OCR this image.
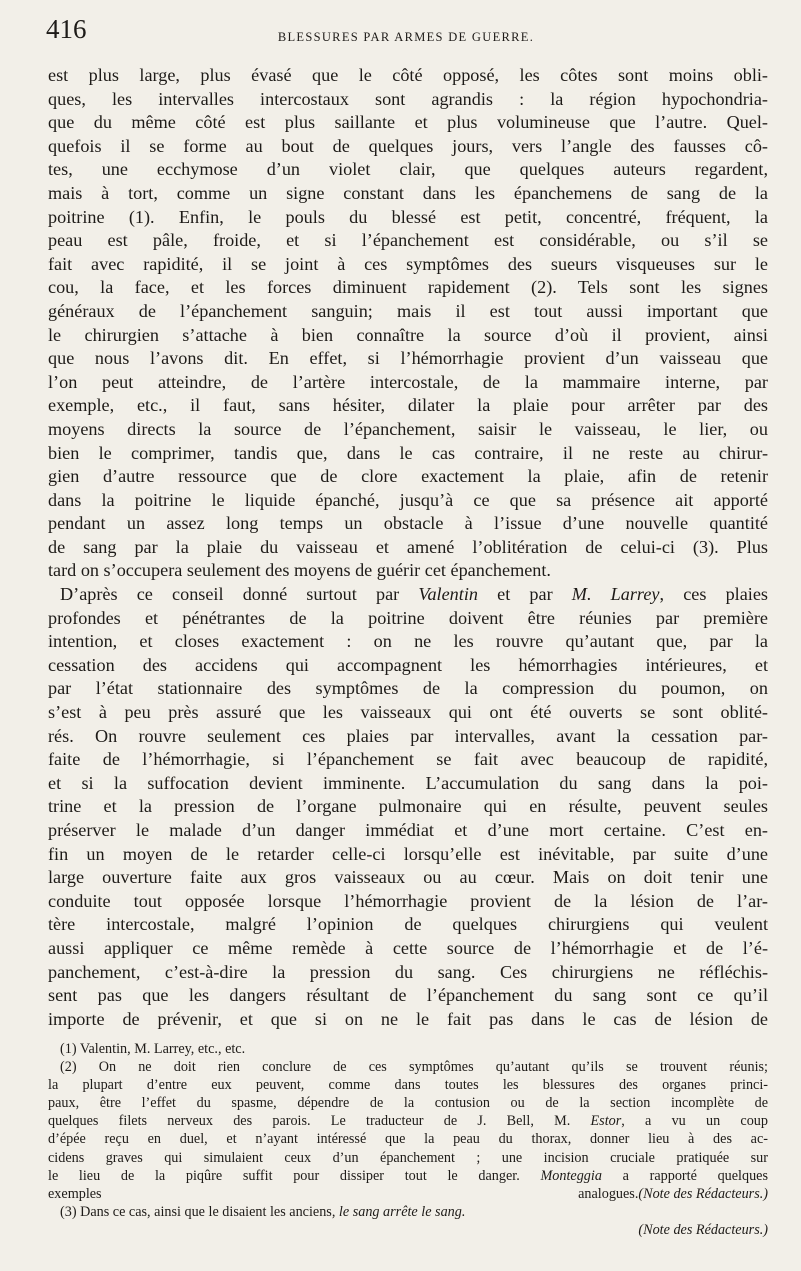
416	BLESSURES PAR ARMES DE GUERRE.

est plus large, plus évasé que le côté opposé, les côtes sont moins obli-
ques, les intervalles intercostaux sont agrandis : la région hypochondria-
que du même côté est plus saillante et plus volumineuse que l’autre. Quel-
quefois il se forme au bout de quelques jours, vers l’angle des fausses cô-
tes, une ecchymose d’un violet clair, que quelques auteurs regardent,
mais à tort, comme un signe constant dans les épanchemens de sang de la
poitrine (1). Enfin, le pouls du blessé est petit, concentré, fréquent, la
peau est pâle, froide, et si l’épanchement est considérable, ou s’il se
fait avec rapidité, il se joint à ces symptômes des sueurs visqueuses sur le
cou, la face, et les forces diminuent rapidement (2). Tels sont les signes
généraux de l’épanchement sanguin; mais il est tout aussi important que
le chirurgien s’attache à bien connaître la source d’où il provient, ainsi
que nous l’avons dit. En effet, si l’hémorrhagie provient d’un vaisseau que
l’on peut atteindre, de l’artère intercostale, de la mammaire interne, par
exemple, etc., il faut, sans hésiter, dilater la plaie pour arrêter par des
moyens directs la source de l’épanchement, saisir le vaisseau, le lier, ou
bien le comprimer, tandis que, dans le cas contraire, il ne reste au chirur-
gien d’autre ressource que de clore exactement la plaie, afin de retenir
dans la poitrine le liquide épanché, jusqu’à ce que sa présence ait apporté
pendant un assez long temps un obstacle à l’issue d’une nouvelle quantité
de sang par la plaie du vaisseau et amené l’oblitération de celui-ci (3). Plus
tard on s’occupera seulement des moyens de guérir cet épanchement.

D’après ce conseil donné surtout par Valentin et par M. Larrey, ces plaies
profondes et pénétrantes de la poitrine doivent être réunies par première
intention, et closes exactement : on ne les rouvre qu’autant que, par la
cessation des accidens qui accompagnent les hémorrhagies intérieures, et
par l’état stationnaire des symptômes de la compression du poumon, on
s’est à peu près assuré que les vaisseaux qui ont été ouverts se sont oblité-
rés. On rouvre seulement ces plaies par intervalles, avant la cessation par-
faite de l’hémorrhagie, si l’épanchement se fait avec beaucoup de rapidité,
et si la suffocation devient imminente. L’accumulation du sang dans la poi-
trine et la pression de l’organe pulmonaire qui en résulte, peuvent seules
préserver le malade d’un danger immédiat et d’une mort certaine. C’est en-
fin un moyen de le retarder celle-ci lorsqu’elle est inévitable, par suite d’une
large ouverture faite aux gros vaisseaux ou au cœur. Mais on doit tenir une
conduite tout opposée lorsque l’hémorrhagie provient de la lésion de l’ar-
tère intercostale, malgré l’opinion de quelques chirurgiens qui veulent
aussi appliquer ce même remède à cette source de l’hémorrhagie et de l’é-
panchement, c’est-à-dire la pression du sang. Ces chirurgiens ne réfléchis-
sent pas que les dangers résultant de l’épanchement du sang sont ce qu’il
importe de prévenir, et que si on ne le fait pas dans le cas de lésion de

(1) Valentin, M. Larrey, etc., etc.
(2) On ne doit rien conclure de ces symptômes qu’autant qu’ils se trouvent réunis;
la plupart d’entre eux peuvent, comme dans toutes les blessures des organes princi-
paux, être l’effet du spasme, dépendre de la contusion ou de la section incomplète de
quelques filets nerveux des parois. Le traducteur de J. Bell, M. Estor, a vu un coup
d’épée reçu en duel, et n’ayant intéressé que la peau du thorax, donner lieu à des ac-
cidens graves qui simulaient ceux d’un épanchement ; une incision cruciale pratiquée sur
le lieu de la piqûre suffit pour dissiper tout le danger. Monteggia a rapporté quelques
exemples analogues. (Note des Rédacteurs.)
(3) Dans ce cas, ainsi que le disaient les anciens, le sang arrête le sang.
(Note des Rédacteurs.)
